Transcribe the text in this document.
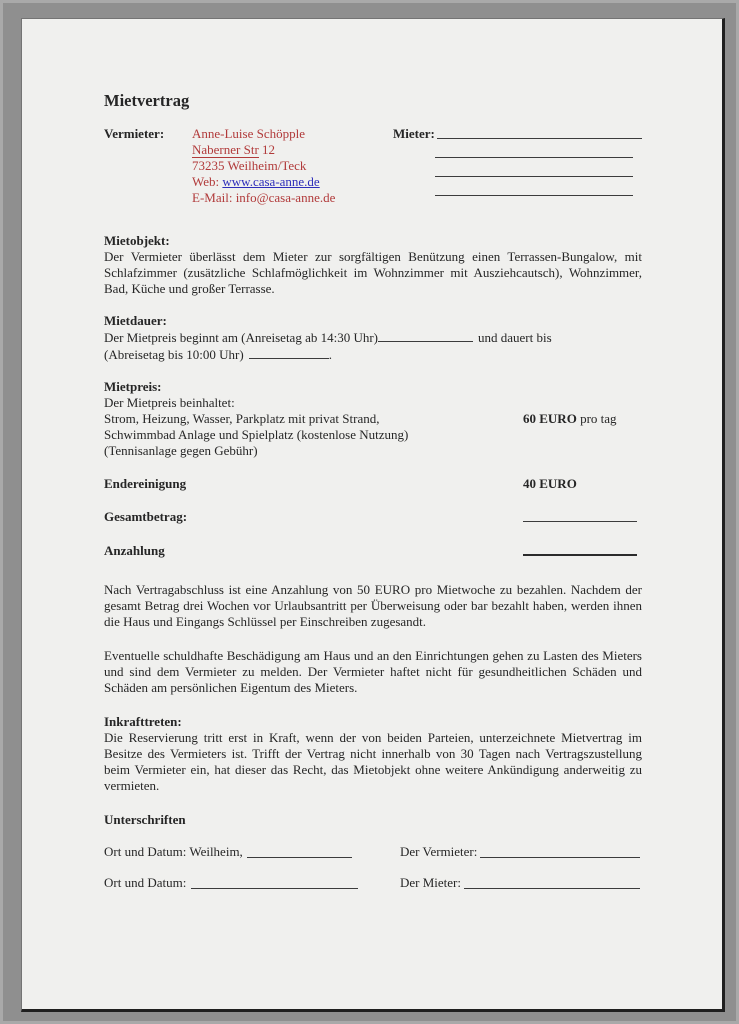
Mietvertrag
Vermieter:	Anne-Luise Schöpple
Naberner Str 12
73235 Weilheim/Teck
Web: www.casa-anne.de
E-Mail: info@casa-anne.de
Mieter:
Mietobjekt:
Der Vermieter überlässt dem Mieter zur sorgfältigen Benützung einen Terrassen-Bungalow, mit Schlafzimmer (zusätzliche Schlafmöglichkeit im Wohnzimmer mit Ausziehcautsch), Wohnzimmer, Bad, Küche und großer Terrasse.
Mietdauer:
Der Mietpreis beginnt am (Anreisetag ab 14:30 Uhr)	und dauert bis
(Abreisetag bis 10:00 Uhr)	.
Mietpreis:
Der Mietpreis beinhaltet:
Strom, Heizung, Wasser, Parkplatz mit privat Strand,	60 EURO pro tag
Schwimmbad Anlage und Spielplatz (kostenlose Nutzung)
(Tennisanlage gegen Gebühr)
Endereinigung	40 EURO
Gesamtbetrag:
Anzahlung
Nach Vertragabschluss ist eine Anzahlung von 50 EURO pro Mietwoche zu bezahlen. Nachdem der gesamt Betrag drei Wochen vor Urlaubsantritt per Überweisung oder bar bezahlt haben, werden ihnen die Haus und Eingangs Schlüssel per Einschreiben zugesandt.
Eventuelle schuldhafte Beschädigung am Haus und an den Einrichtungen gehen zu Lasten des Mieters und sind dem Vermieter zu melden. Der Vermieter haftet nicht für gesundheitlichen Schäden und Schäden am persönlichen Eigentum des Mieters.
Inkrafttreten:
Die Reservierung tritt erst in Kraft, wenn der von beiden Parteien, unterzeichnete Mietvertrag im Besitze des Vermieters ist. Trifft der Vertrag nicht innerhalb von 30 Tagen nach Vertragszustellung beim Vermieter ein, hat dieser das Recht, das Mietobjekt ohne weitere Ankündigung anderweitig zu vermieten.
Unterschriften
Ort und Datum: Weilheim,	Der Vermieter:
Ort und Datum:	Der Mieter:
